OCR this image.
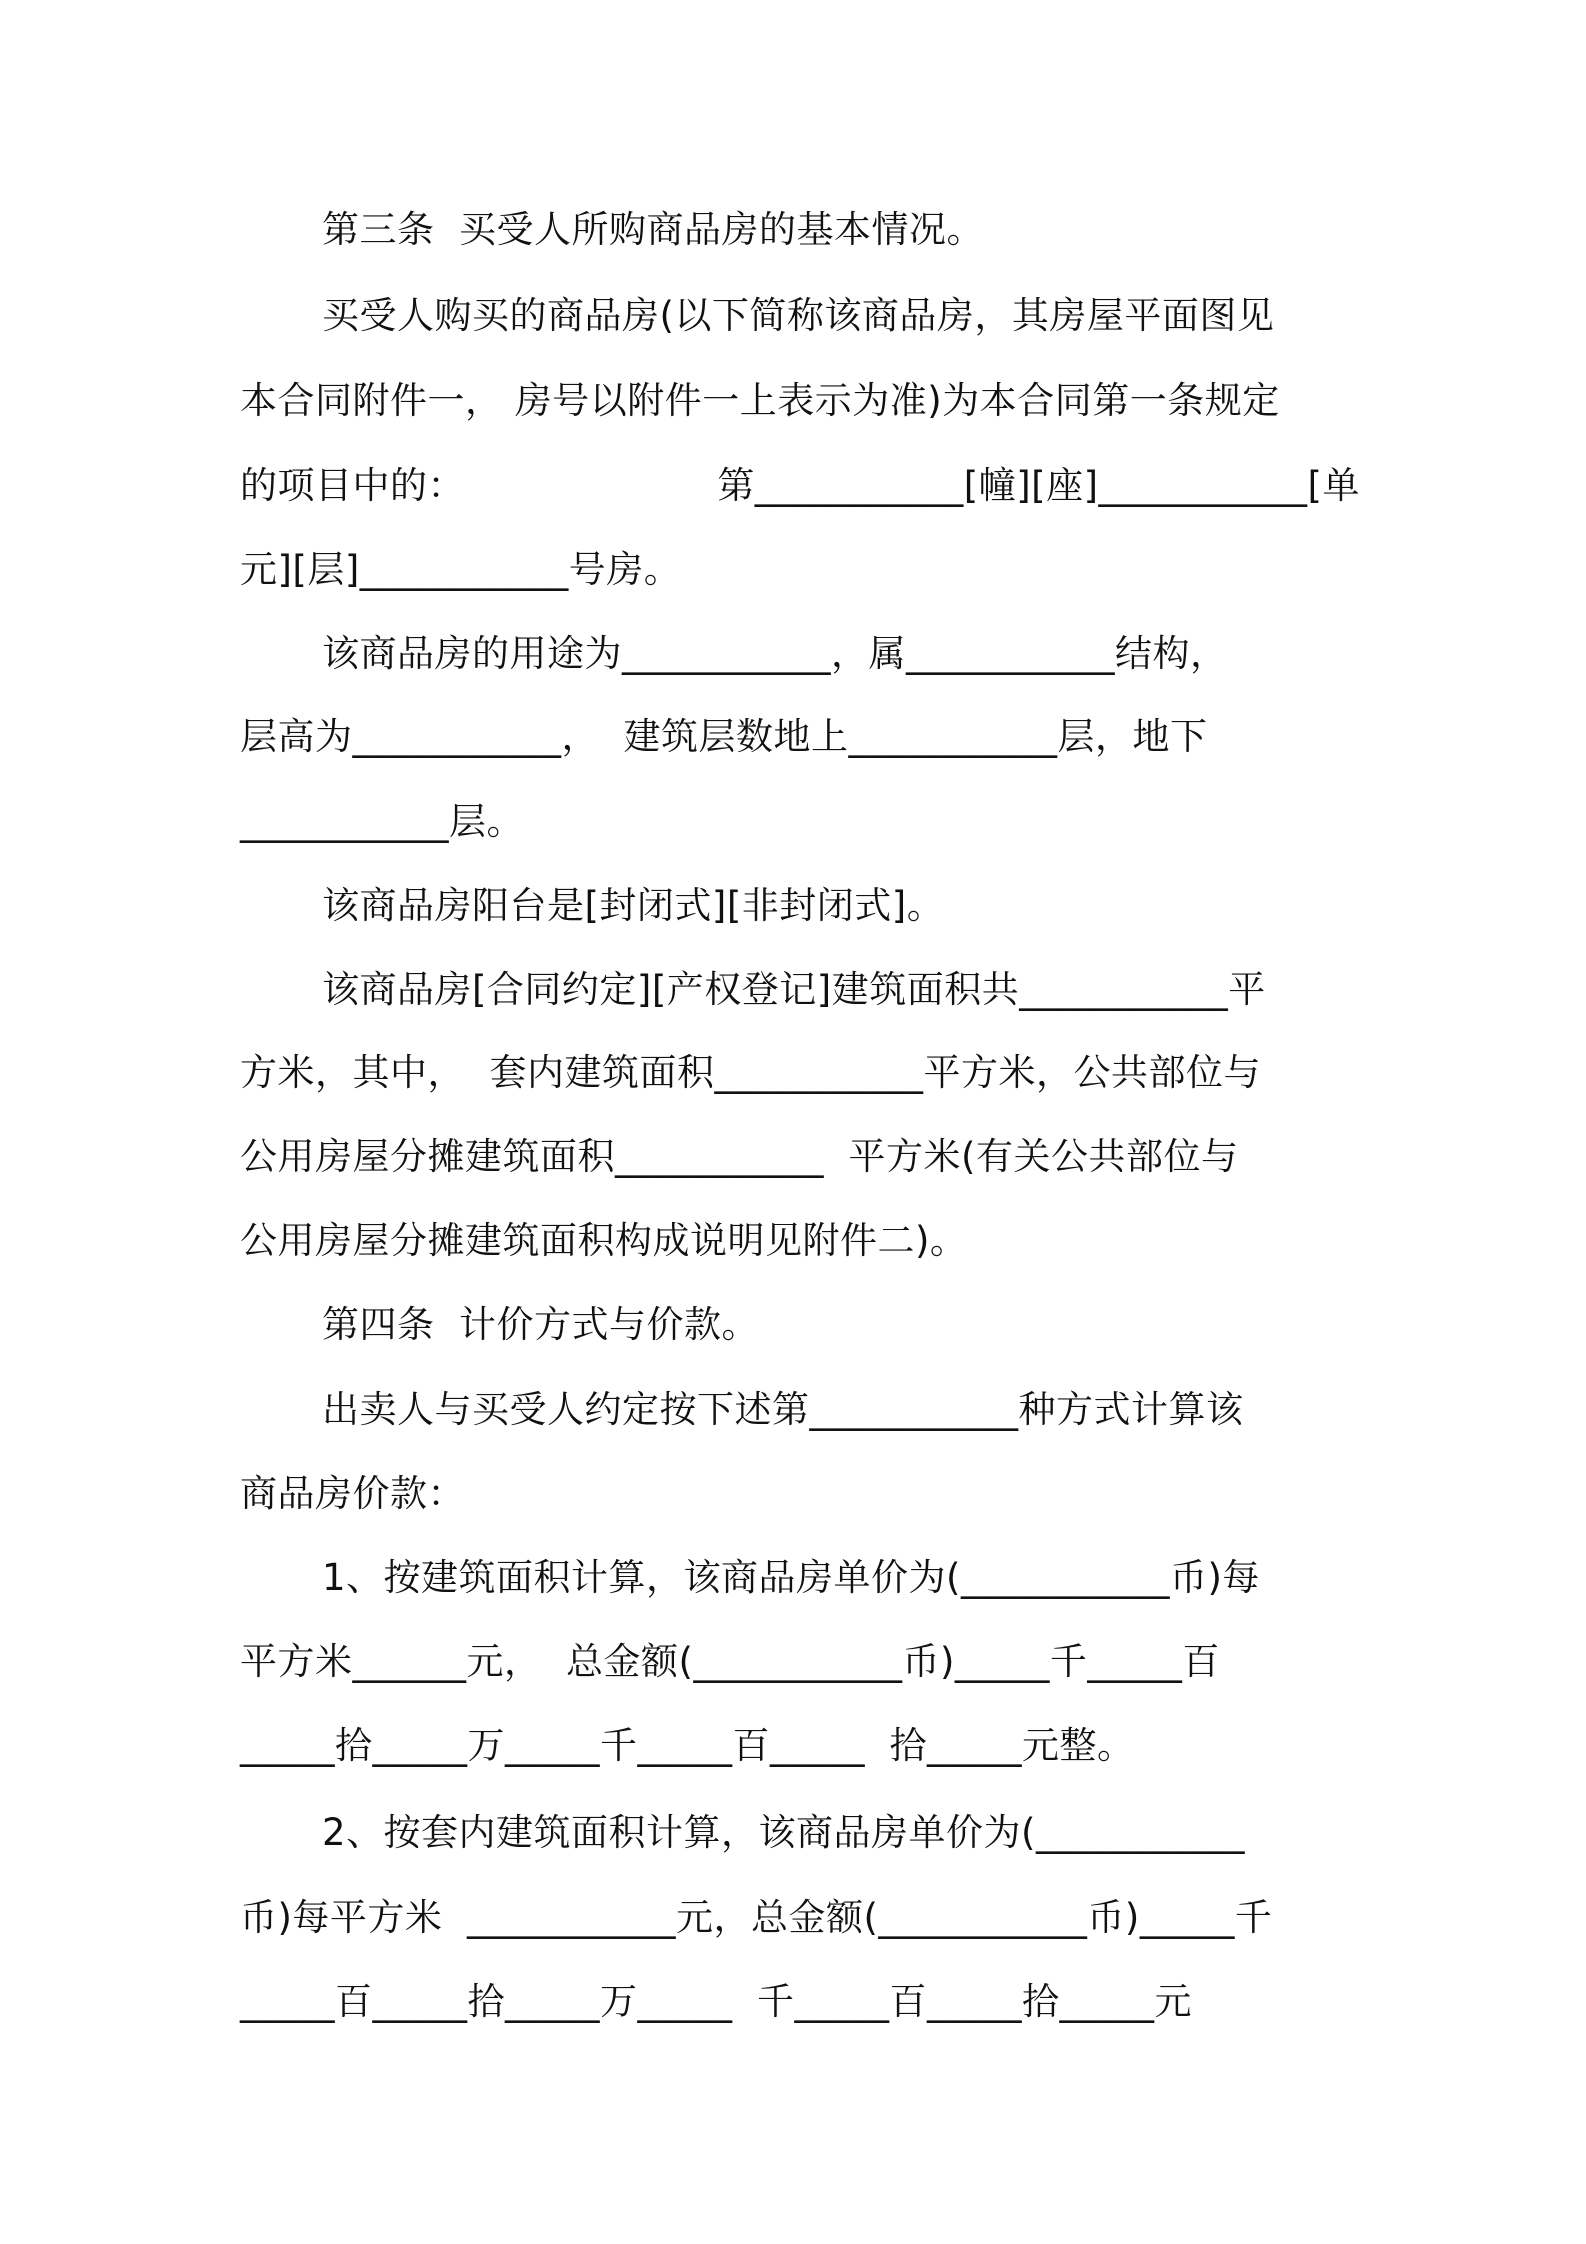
第三条  买受人所购商品房的基本情况。
买受人购买的商品房(以下简称该商品房，其房屋平面图见
本合同附件一， 房号以附件一上表示为准)为本合同第一条规定
的项目中的：	第___________[幢][座]___________[单
元][层]___________号房。
该商品房的用途为___________，属___________结构，
层高为___________，  建筑层数地上___________层，地下
___________层。
该商品房阳台是[封闭式][非封闭式]。
该商品房[合同约定][产权登记]建筑面积共___________平
方米，其中，  套内建筑面积___________平方米，公共部位与
公用房屋分摊建筑面积___________  平方米(有关公共部位与
公用房屋分摊建筑面积构成说明见附件二)。
第四条  计价方式与价款。
出卖人与买受人约定按下述第___________种方式计算该
商品房价款：
1、按建筑面积计算，该商品房单价为(___________币)每
平方米______元，  总金额(___________币)_____千_____百
_____拾_____万_____千_____百_____  拾_____元整。
2、按套内建筑面积计算，该商品房单价为(___________
币)每平方米  ___________元，总金额(___________币)_____千
_____百_____拾_____万_____  千_____百_____拾_____元
